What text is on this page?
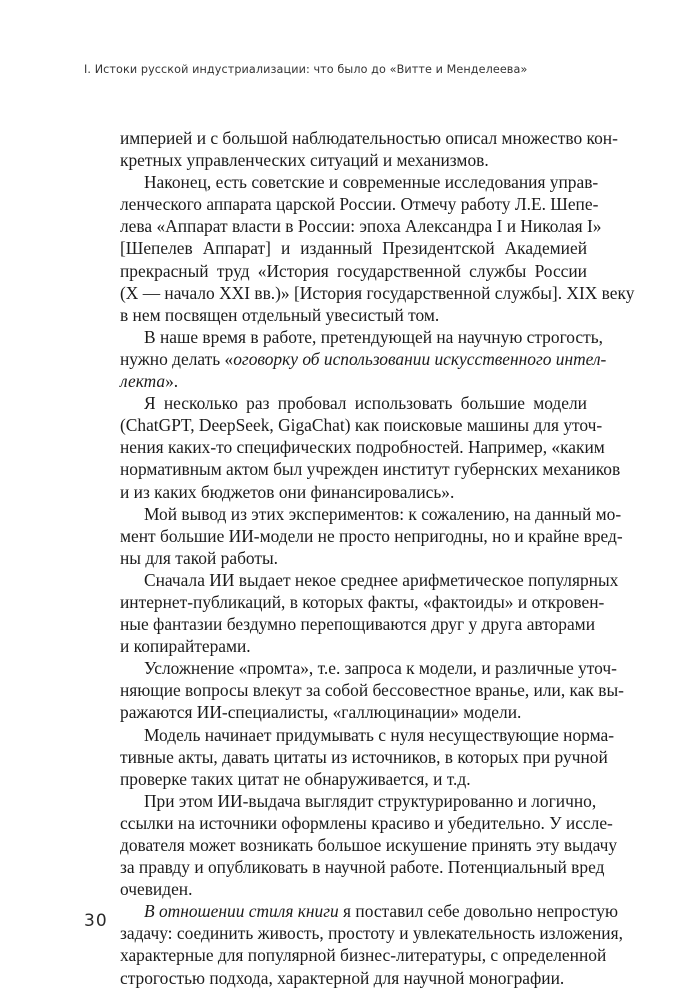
I. Истоки русской индустриализации: что было до «Витте и Менделеева»
империей и с большой наблюдательностью описал множество кон-
кретных управленческих ситуаций и механизмов.
Наконец, есть советские и современные исследования управ-
ленческого аппарата царской России. Отмечу работу Л.Е. Шепе-
лева «Аппарат власти в России: эпоха Александра I и Николая I»
[Шепелев Аппарат] и изданный Президентской Академией
прекрасный труд «История государственной службы России
(X — начало XXI вв.)» [История государственной службы]. XIX веку
в нем посвящен отдельный увесистый том.
В наше время в работе, претендующей на научную строгость,
нужно делать «оговорку об использовании искусственного интел-
лекта».
Я несколько раз пробовал использовать большие модели
(ChatGPT, DeepSeek, GigaChat) как поисковые машины для уточ-
нения каких-то специфических подробностей. Например, «каким
нормативным актом был учрежден институт губернских механиков
и из каких бюджетов они финансировались».
Мой вывод из этих экспериментов: к сожалению, на данный мо-
мент большие ИИ-модели не просто непригодны, но и крайне вред-
ны для такой работы.
Сначала ИИ выдает некое среднее арифметическое популярных
интернет-публикаций, в которых факты, «фактоиды» и откровен-
ные фантазии бездумно перепощиваются друг у друга авторами
и копирайтерами.
Усложнение «промта», т.е. запроса к модели, и различные уточ-
няющие вопросы влекут за собой бессовестное вранье, или, как вы-
ражаются ИИ-специалисты, «галлюцинации» модели.
Модель начинает придумывать с нуля несуществующие норма-
тивные акты, давать цитаты из источников, в которых при ручной
проверке таких цитат не обнаруживается, и т.д.
При этом ИИ-выдача выглядит структурированно и логично,
ссылки на источники оформлены красиво и убедительно. У иссле-
дователя может возникать большое искушение принять эту выдачу
за правду и опубликовать в научной работе. Потенциальный вред
очевиден.
В отношении стиля книги я поставил себе довольно непростую
задачу: соединить живость, простоту и увлекательность изложения,
характерные для популярной бизнес-литературы, с определенной
строгостью подхода, характерной для научной монографии.
30
